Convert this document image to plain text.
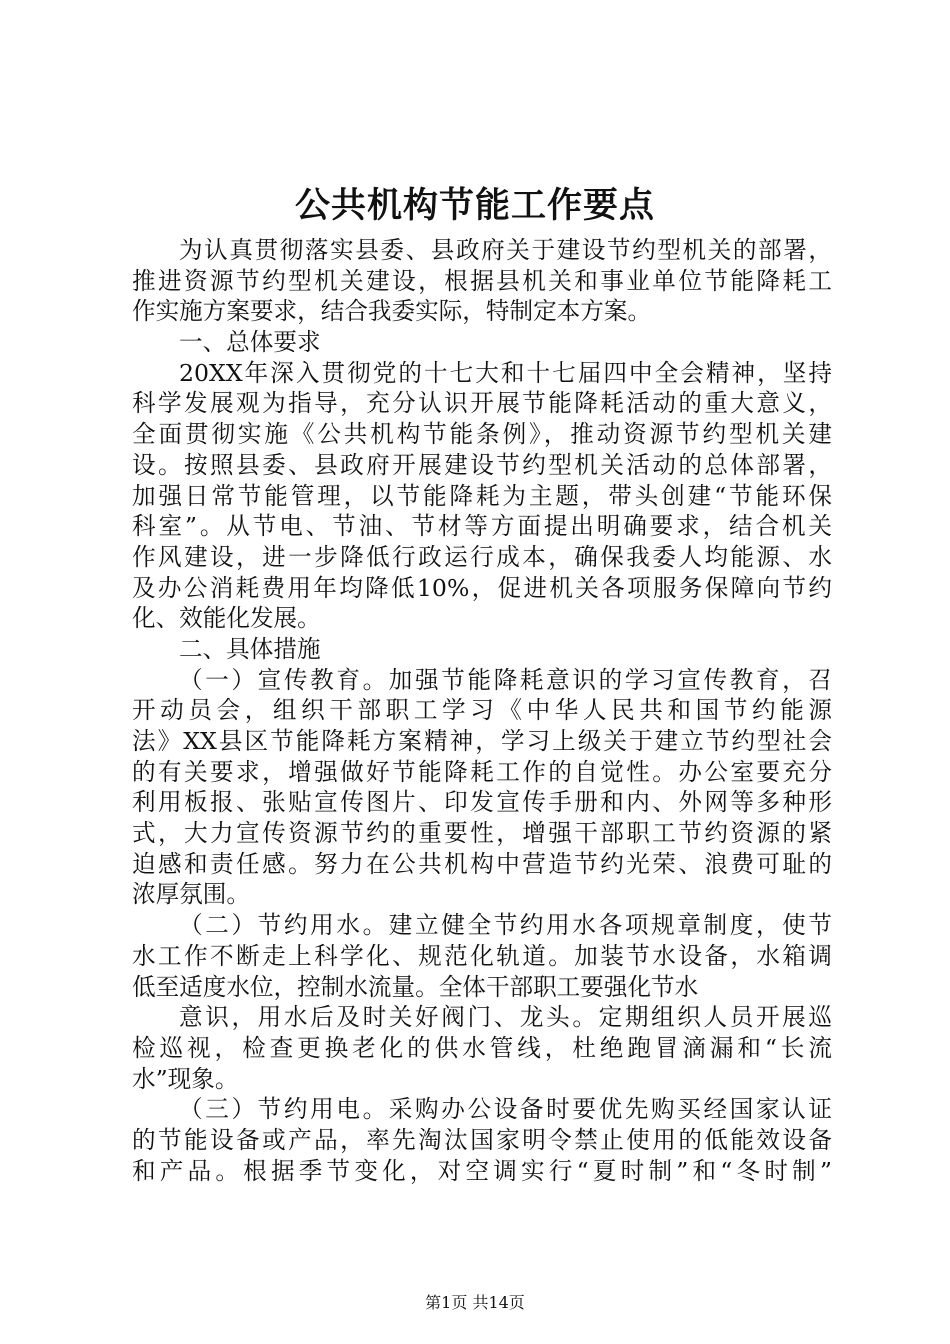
公共机构节能工作要点
为认真贯彻落实县委、县政府关于建设节约型机关的部署，
推进资源节约型机关建设，根据县机关和事业单位节能降耗工
作实施方案要求，结合我委实际，特制定本方案。
一、总体要求
20XX年深入贯彻党的十七大和十七届四中全会精神，坚持
科学发展观为指导，充分认识开展节能降耗活动的重大意义，
全面贯彻实施《公共机构节能条例》，推动资源节约型机关建
设。按照县委、县政府开展建设节约型机关活动的总体部署，
加强日常节能管理，以节能降耗为主题，带头创建“节能环保
科室”。从节电、节油、节材等方面提出明确要求，结合机关
作风建设，进一步降低行政运行成本，确保我委人均能源、水
及办公消耗费用年均降低10%，促进机关各项服务保障向节约
化、效能化发展。
二、具体措施
（一）宣传教育。加强节能降耗意识的学习宣传教育，召
开动员会，组织干部职工学习《中华人民共和国节约能源
法》XX县区节能降耗方案精神，学习上级关于建立节约型社会
的有关要求，增强做好节能降耗工作的自觉性。办公室要充分
利用板报、张贴宣传图片、印发宣传手册和内、外网等多种形
式，大力宣传资源节约的重要性，增强干部职工节约资源的紧
迫感和责任感。努力在公共机构中营造节约光荣、浪费可耻的
浓厚氛围。
（二）节约用水。建立健全节约用水各项规章制度，使节
水工作不断走上科学化、规范化轨道。加装节水设备，水箱调
低至适度水位，控制水流量。全体干部职工要强化节水
意识，用水后及时关好阀门、龙头。定期组织人员开展巡
检巡视，检查更换老化的供水管线，杜绝跑冒滴漏和“长流
水”现象。
（三）节约用电。采购办公设备时要优先购买经国家认证
的节能设备或产品，率先淘汰国家明令禁止使用的低能效设备
和产品。根据季节变化，对空调实行“夏时制”和“冬时制”
第1页 共14页
